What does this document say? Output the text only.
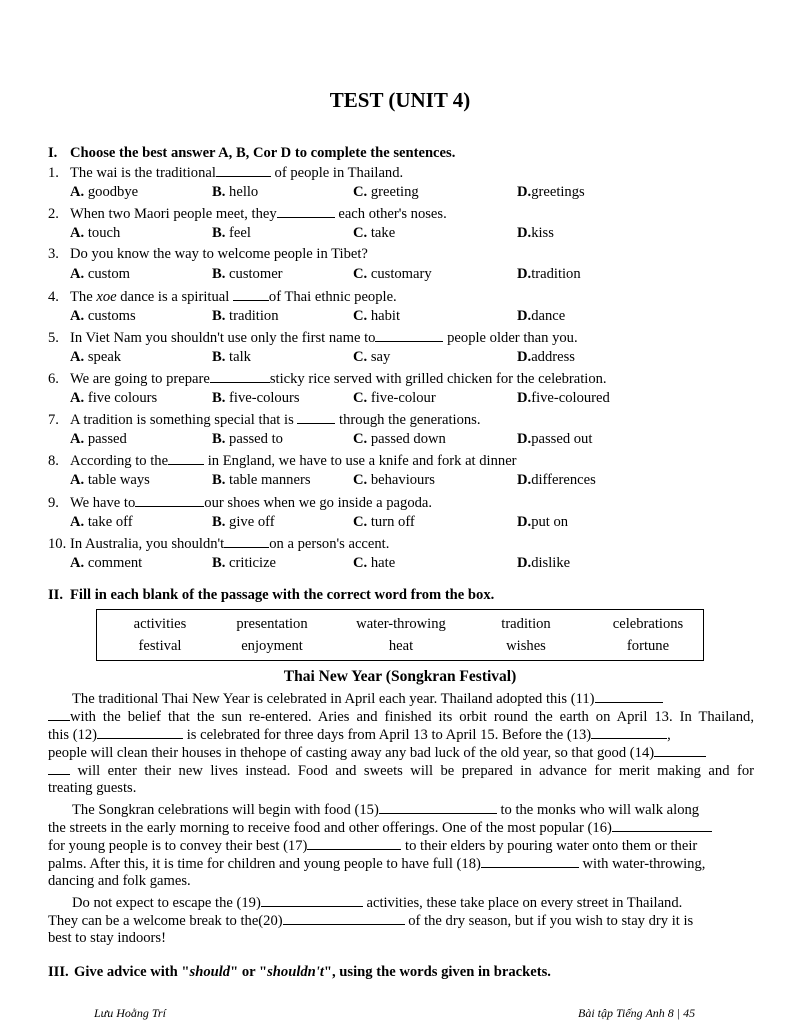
TEST (UNIT 4)
I. Choose the best answer A, B, Cor D to complete the sentences.
1. The wai is the traditional	of people in Thailand.
A. goodbye	B. hello	C. greeting	D.greetings
2. When two Maori people meet, they	each other's noses.
A. touch	B. feel	C. take	D.kiss
3. Do you know the way to welcome people in Tibet?
A. custom	B. customer	C. customary	D.tradition
4. The xoe dance is a spiritual of Thai ethnic people.
A. customs	B. tradition	C. habit	D.dance
5. In Viet Nam you shouldn't use only the first name to	people older than you.
A. speak	B. talk	C. say	D.address
6. We are going to prepare	sticky rice served with grilled chicken for the celebration.
A. five colours	B. five-colours	C. five-colour	D.five-coloured
7. A tradition is something special that is	through the generations.
A. passed	B. passed to	C. passed down	D.passed out
8. According to the in England, we have to use a knife and fork at dinner
A. table ways	B. table manners	C. behaviours	D.differences
9. We have to	our shoes when we go inside a pagoda.
A. take off	B. give off	C. turn off	D.put on
10. In Australia, you shouldn't	on a person's accent.
A. comment	B. criticize	C. hate	D.dislike
II. Fill in each blank of the passage with the correct word from the box.
activities	presentation	water-throwing	tradition	celebrations
festival	enjoyment	heat	wishes	fortune
Thai New Year (Songkran Festival)
The traditional Thai New Year is celebrated in April each year. Thailand adopted this (11)
with the belief that the sun re-entered. Aries and finished its orbit round the earth on April 13. In Thailand,
this (12)	is celebrated for three days from April 13 to April 15. Before the (13)	,
people will clean their houses in thehope of casting away any bad luck of the old year, so that good (14)
will enter their new lives instead. Food and sweets will be prepared in advance for merit making and for
treating guests.
The Songkran celebrations will begin with food (15)	to the monks who will walk along
the streets in the early morning to receive food and other offerings. One of the most popular (16)
for young people is to convey their best (17)	to their elders by pouring water onto them or their
palms. After this, it is time for children and young people to have full (18)	with water-throwing,
dancing and folk games.
Do not expect to escape the (19)	activities, these take place on every street in Thailand.
They can be a welcome break to the(20)	of the dry season, but if you wish to stay dry it is
best to stay indoors!
III. Give advice with "should" or "shouldn't", using the words given in brackets.
Lưu Hoằng Trí	Bài tập Tiếng Anh 8 | 45
